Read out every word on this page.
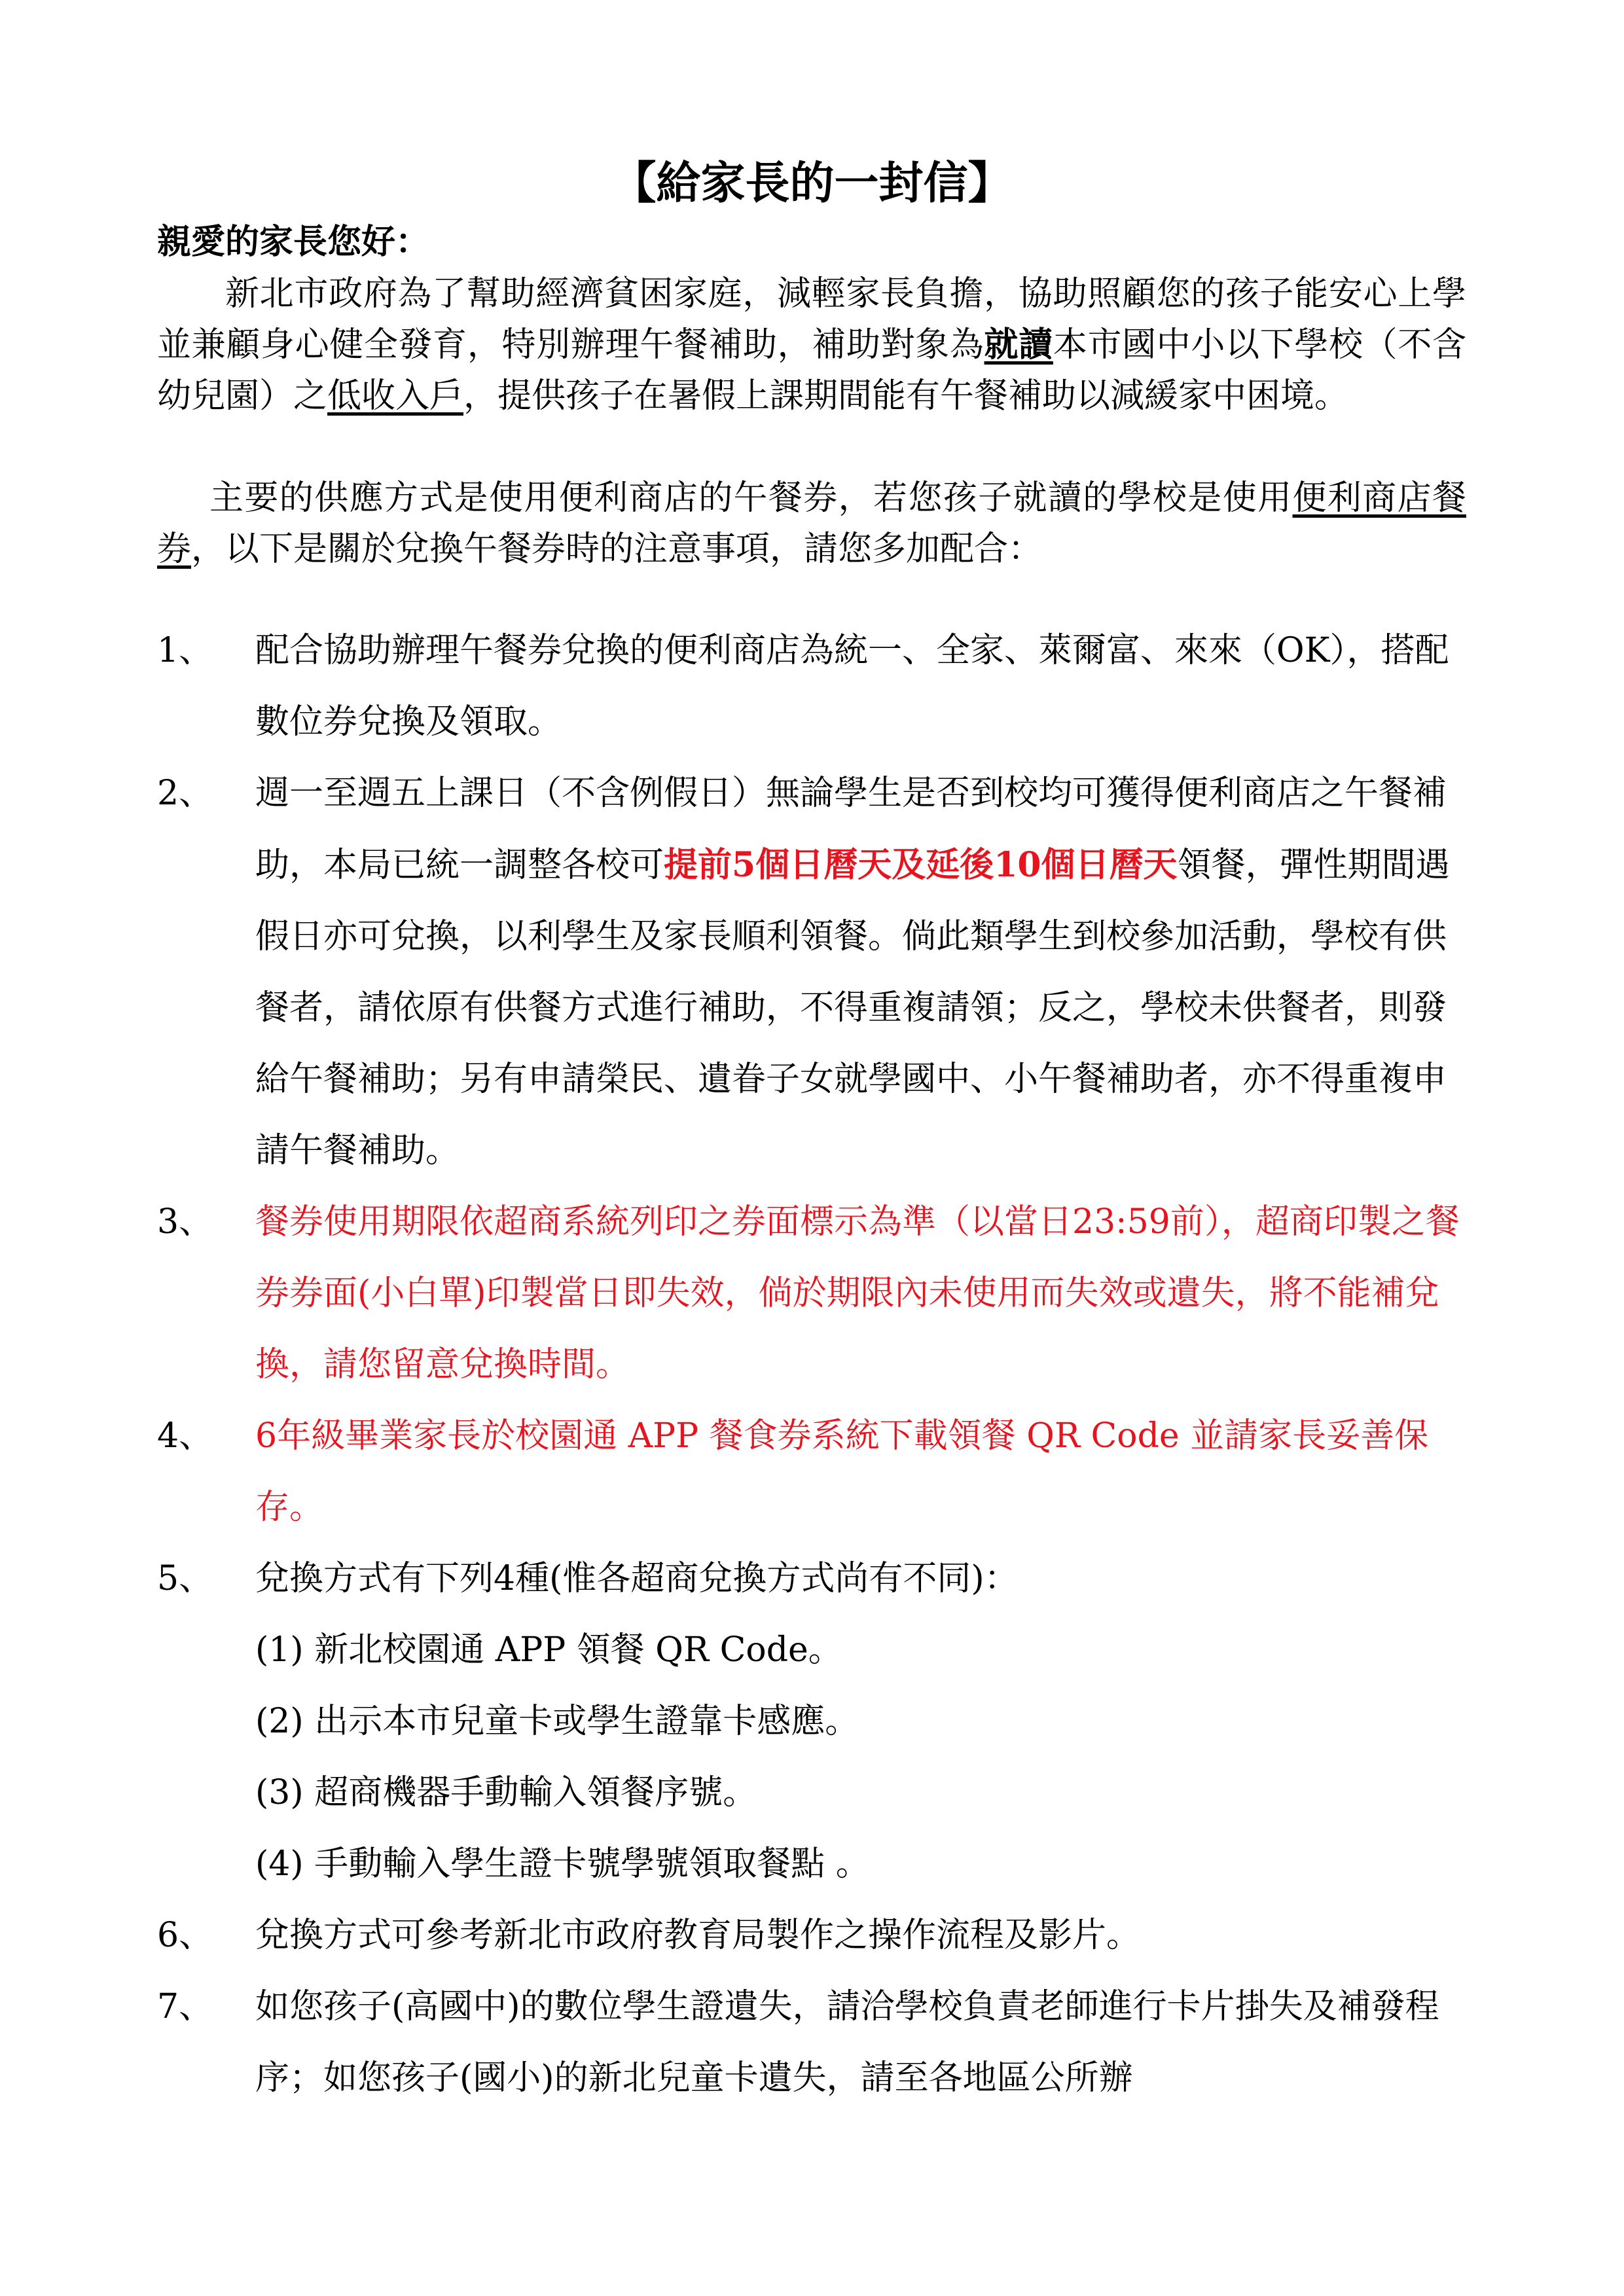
【給家長的一封信】
親愛的家長您好：
新北市政府為了幫助經濟貧困家庭，減輕家長負擔，協助照顧您的孩子能安心上學並兼顧身心健全發育，特別辦理午餐補助，補助對象為就讀本市國中小以下學校（不含幼兒園）之低收入戶，提供孩子在暑假上課期間能有午餐補助以減緩家中困境。
主要的供應方式是使用便利商店的午餐券，若您孩子就讀的學校是使用便利商店餐券，以下是關於兌換午餐券時的注意事項，請您多加配合：
1、	配合協助辦理午餐券兌換的便利商店為統一、全家、萊爾富、來來（OK），搭配數位券兌換及領取。
2、	週一至週五上課日（不含例假日）無論學生是否到校均可獲得便利商店之午餐補助，本局已統一調整各校可提前5個日曆天及延後10個日曆天領餐，彈性期間遇假日亦可兌換，以利學生及家長順利領餐。倘此類學生到校參加活動，學校有供餐者，請依原有供餐方式進行補助，不得重複請領；反之，學校未供餐者，則發給午餐補助；另有申請榮民、遺眷子女就學國中、小午餐補助者，亦不得重複申請午餐補助。
3、	餐券使用期限依超商系統列印之券面標示為準（以當日23:59前），超商印製之餐券券面(小白單)印製當日即失效，倘於期限內未使用而失效或遺失，將不能補兌換，請您留意兌換時間。
4、	6年級畢業家長於校園通 APP 餐食券系統下載領餐 QR Code 並請家長妥善保存。
5、	兌換方式有下列4種(惟各超商兌換方式尚有不同)：
(1) 新北校園通 APP 領餐 QR Code。
(2) 出示本市兒童卡或學生證靠卡感應。
(3) 超商機器手動輸入領餐序號。
(4) 手動輸入學生證卡號學號領取餐點 。
6、	兌換方式可參考新北市政府教育局製作之操作流程及影片。
7、	如您孩子(高國中)的數位學生證遺失，請洽學校負責老師進行卡片掛失及補發程序；如您孩子(國小)的新北兒童卡遺失，請至各地區公所辦
